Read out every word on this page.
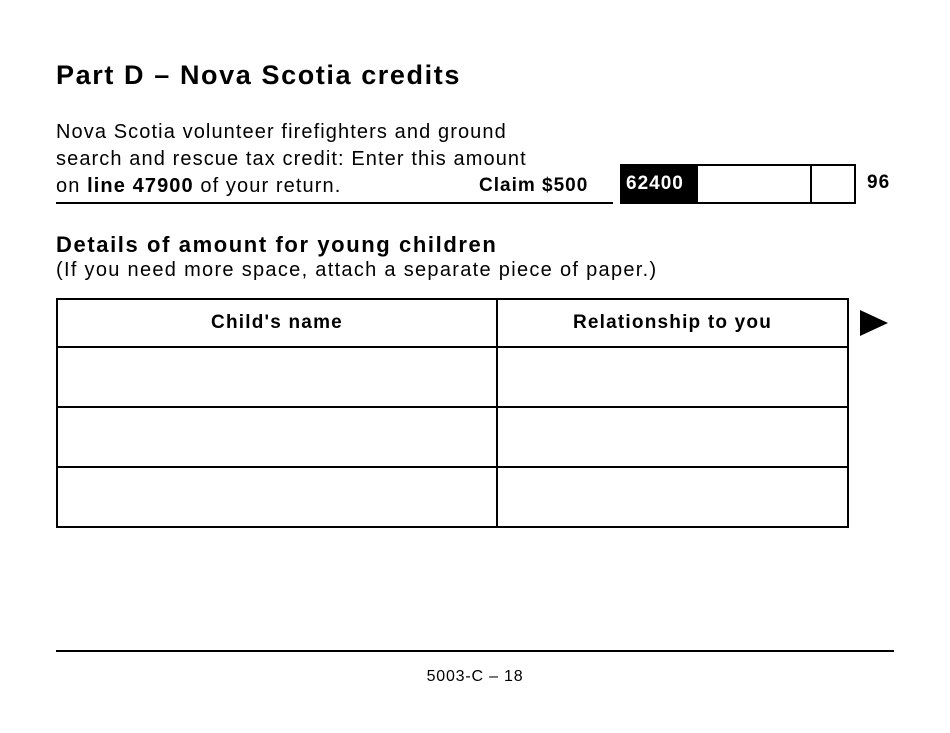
Part D – Nova Scotia credits
Nova Scotia volunteer firefighters and ground
search and rescue tax credit: Enter this amount
on line 47900 of your return.	Claim $500	62400	96
Details of amount for young children
(If you need more space, attach a separate piece of paper.)
Child's name	Relationship to you

5003-C – 18
